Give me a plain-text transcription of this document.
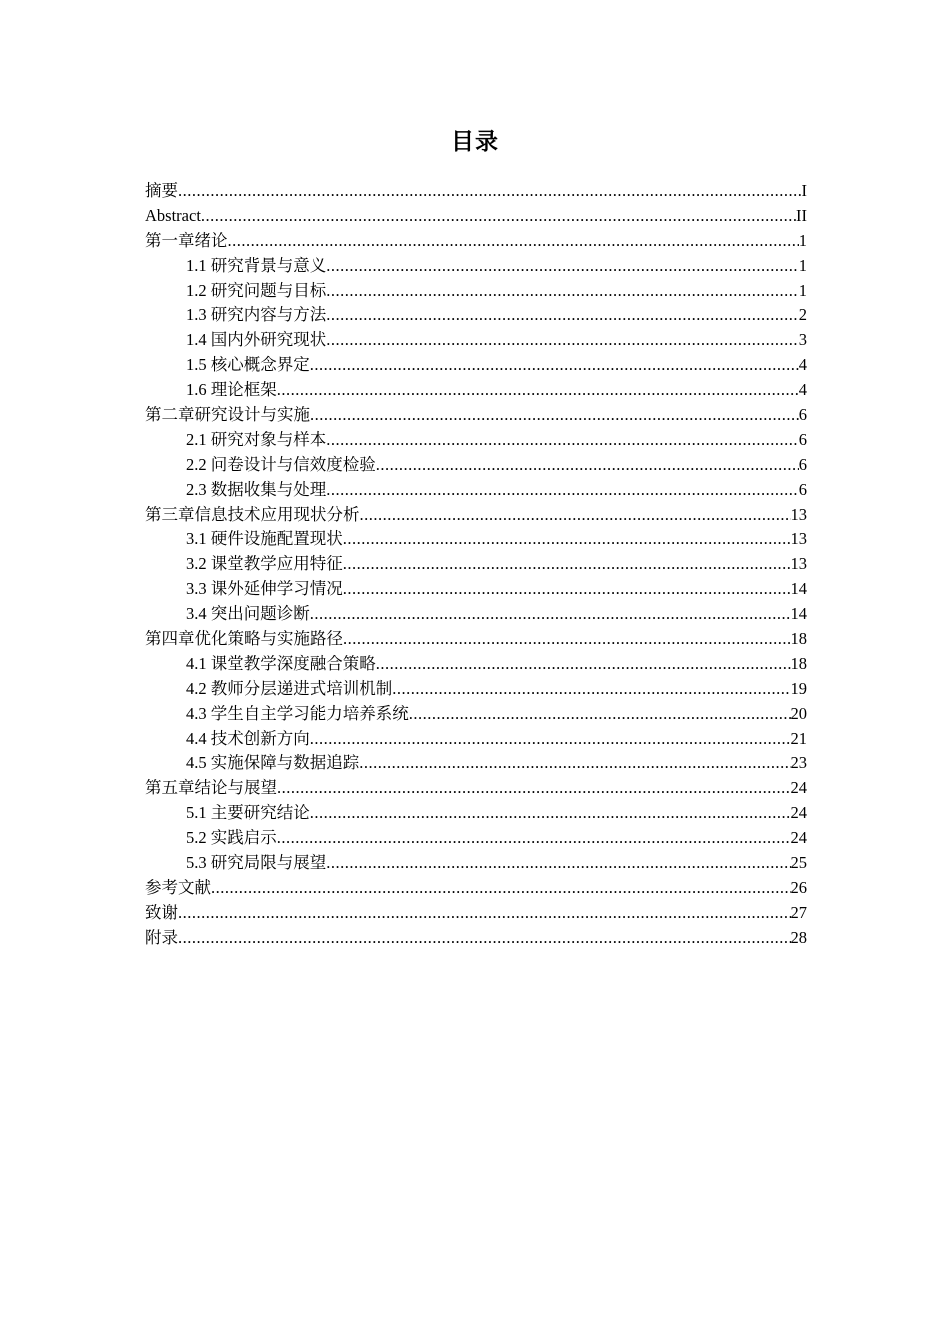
目录
摘要 .....	I
Abstract .....	II
第一章绪论 .....	1
1.1 研究背景与意义 .....	1
1.2 研究问题与目标 .....	1
1.3 研究内容与方法 .....	2
1.4 国内外研究现状 .....	3
1.5 核心概念界定 .....	4
1.6 理论框架 .....	4
第二章研究设计与实施 .....	6
2.1 研究对象与样本 .....	6
2.2 问卷设计与信效度检验 .....	6
2.3 数据收集与处理 .....	6
第三章信息技术应用现状分析 .....	13
3.1 硬件设施配置现状 .....	13
3.2 课堂教学应用特征 .....	13
3.3 课外延伸学习情况 .....	14
3.4 突出问题诊断 .....	14
第四章优化策略与实施路径 .....	18
4.1 课堂教学深度融合策略 .....	18
4.2 教师分层递进式培训机制 .....	19
4.3 学生自主学习能力培养系统 .....	20
4.4 技术创新方向 .....	21
4.5 实施保障与数据追踪 .....	23
第五章结论与展望 .....	24
5.1 主要研究结论 .....	24
5.2 实践启示 .....	24
5.3 研究局限与展望 .....	25
参考文献 .....	26
致谢 .....	27
附录 .....	28
